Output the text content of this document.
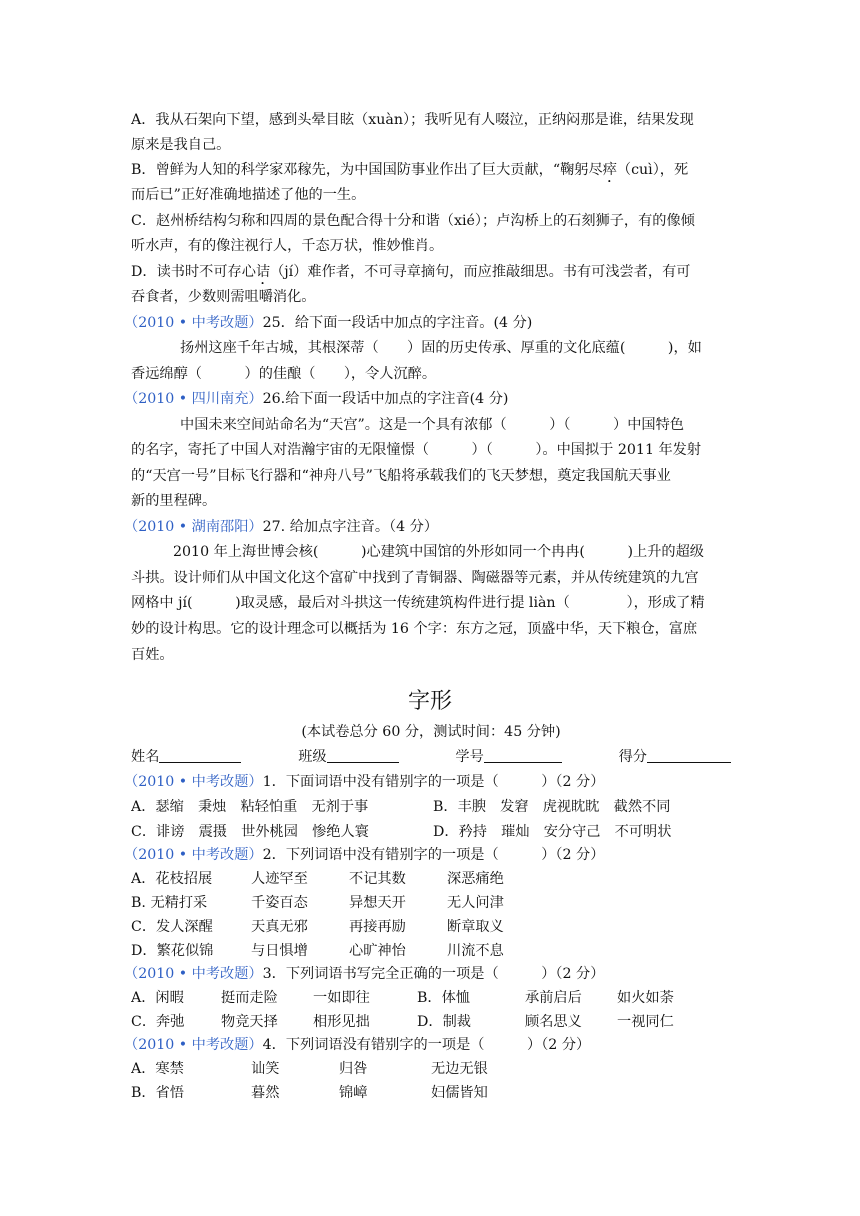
A．我从石架向下望，感到头晕目眩（xuàn）；我听见有人啜泣，正纳闷那是谁，结果发现
原来是我自己。
B．曾鲜为人知的科学家邓稼先，为中国国防事业作出了巨大贡献，“鞠躬尽瘁（cuì），死
而后已”正好准确地描述了他的一生。
C．赵州桥结构匀称和四周的景色配合得十分和谐（xié）；卢沟桥上的石刻狮子，有的像倾
听水声，有的像注视行人，千态万状，惟妙惟肖。
D．读书时不可存心诘（jí）难作者，不可寻章摘句，而应推敲细思。书有可浅尝者，有可
吞食者，少数则需咀嚼消化。
（2010 • 中考改题）25．给下面一段话中加点的字注音。(4 分)
扬州这座千年古城，其根深蒂（　　）固的历史传承、厚重的文化底蕴(　　　)，如
香远绵醇（　　　）的佳酿（　　），令人沉醉。
（2010 • 四川南充）26.给下面一段话中加点的字注音(4 分)
中国未来空间站命名为“天宫”。这是一个具有浓郁（　　　）（　　　）中国特色
的名字，寄托了中国人对浩瀚宇宙的无限憧憬（　　　）（　　　）。中国拟于 2011 年发射
的“天宫一号”目标飞行器和“神舟八号”飞船将承载我们的飞天梦想，奠定我国航天事业
新的里程碑。
（2010 • 湖南邵阳）27. 给加点字注音。（4 分）
2010 年上海世博会核(　　　)心建筑中国馆的外形如同一个冉冉(　　　)上升的超级
斗拱。设计师们从中国文化这个富矿中找到了青铜器、陶磁器等元素，并从传统建筑的九宫
网格中 jí(　　　)取灵感，最后对斗拱这一传统建筑构件进行提 liàn（　　　　），形成了精
妙的设计构思。它的设计理念可以概括为 16 个字：东方之冠，顶盛中华，天下粮仓，富庶
百姓。
字形
(本试卷总分 60 分，测试时间：45 分钟)
姓名	班级	学号	得分
（2010 • 中考改题）1．下面词语中没有错别字的一项是（　　　）（2 分）
A．瑟缩　秉烛　粘轻怕重　无剂于事	B．丰腴　发窘　虎视眈眈　截然不同
C．诽谤　震摄　世外桃园　惨绝人寰	D．矜持　璀灿　安分守己　不可明状
（2010 • 中考改题）2．下列词语中没有错别字的一项是（　　　）（2 分）
A．花枝招展	人迹罕至	不记其数	深恶痛绝
B. 无精打采	千姿百态	异想天开	无人问津
C．发人深醒	天真无邪	再接再励	断章取义
D．繁花似锦	与日惧增	心旷神怡	川流不息
（2010 • 中考改题）3．下列词语书写完全正确的一项是（　　　）（2 分）
A．闲暇	挺而走险	一如即往	B．体恤	承前启后	如火如荼
C．奔弛	物竞天择	相形见拙	D．制裁	顾名思义	一视同仁
（2010 • 中考改题）4．下列词语没有错别字的一项是（　　　）（2 分）
A．寒禁	讪笑	归咎	无边无银
B．省悟	暮然	锦嶂	妇儒皆知
